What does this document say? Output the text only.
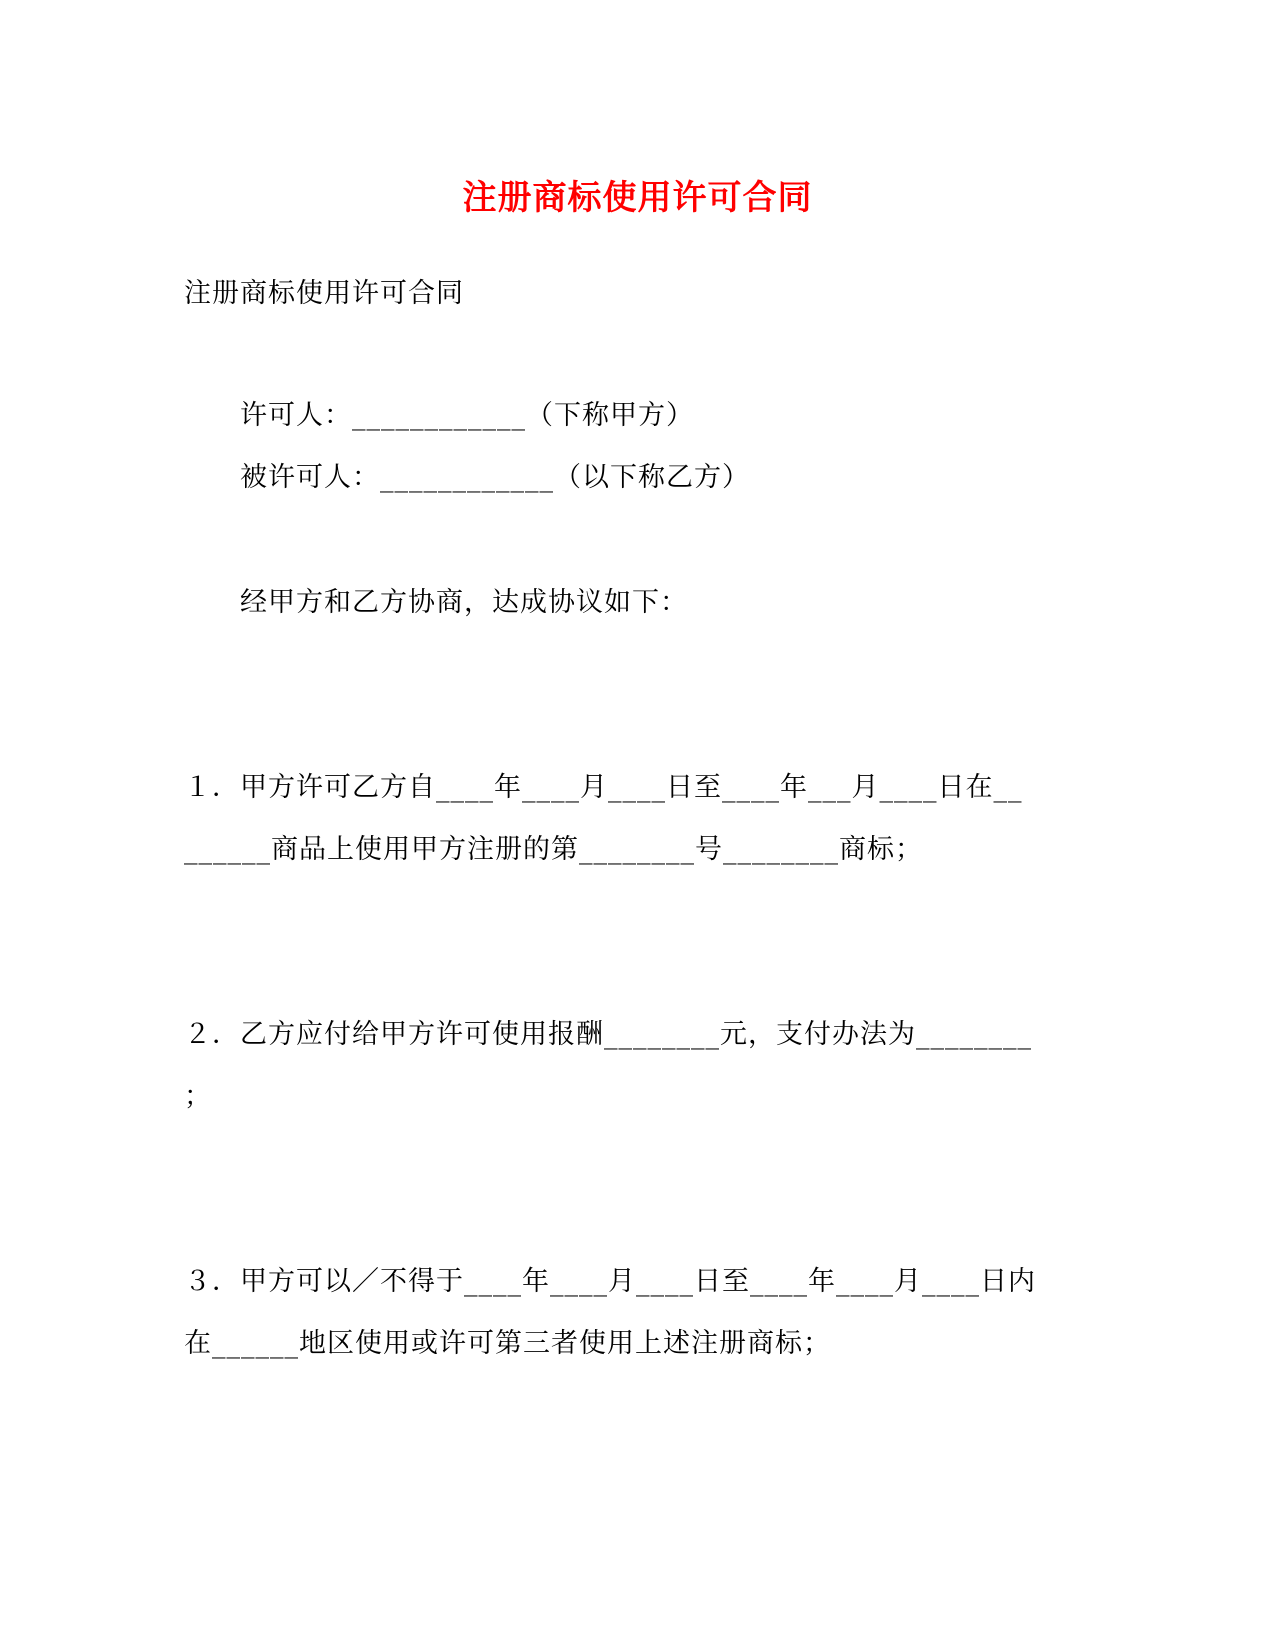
注册商标使用许可合同
注册商标使用许可合同
许可人：____________（下称甲方）
被许可人：____________（以下称乙方）
经甲方和乙方协商，达成协议如下：
１．甲方许可乙方自____年____月____日至____年___月____日在__
______商品上使用甲方注册的第________号________商标；
２．乙方应付给甲方许可使用报酬________元，支付办法为________
；
３．甲方可以／不得于____年____月____日至____年____月____日内
在______地区使用或许可第三者使用上述注册商标；
